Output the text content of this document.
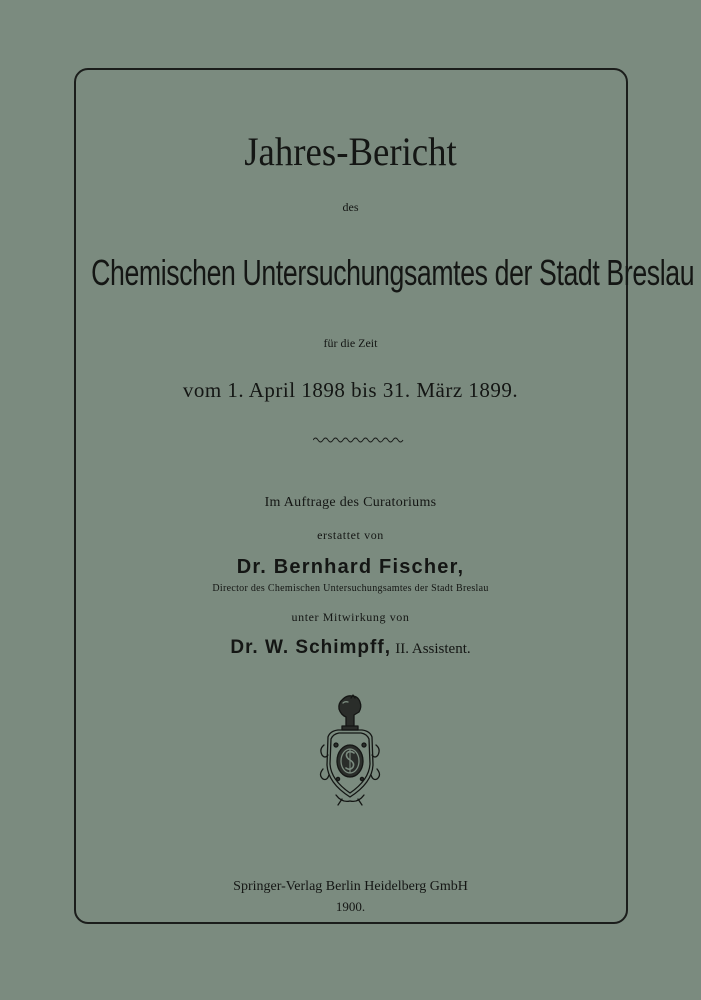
Jahres-Bericht
des
Chemischen Untersuchungsamtes der Stadt Breslau
für die Zeit
vom 1. April 1898 bis 31. März 1899.
Im Auftrage des Curatoriums
erstattet von
Dr. Bernhard Fischer,
Director des Chemischen Untersuchungsamtes der Stadt Breslau
unter Mitwirkung von
Dr. W. Schimpff, II. Assistent.
Springer-Verlag Berlin Heidelberg GmbH
1900.
